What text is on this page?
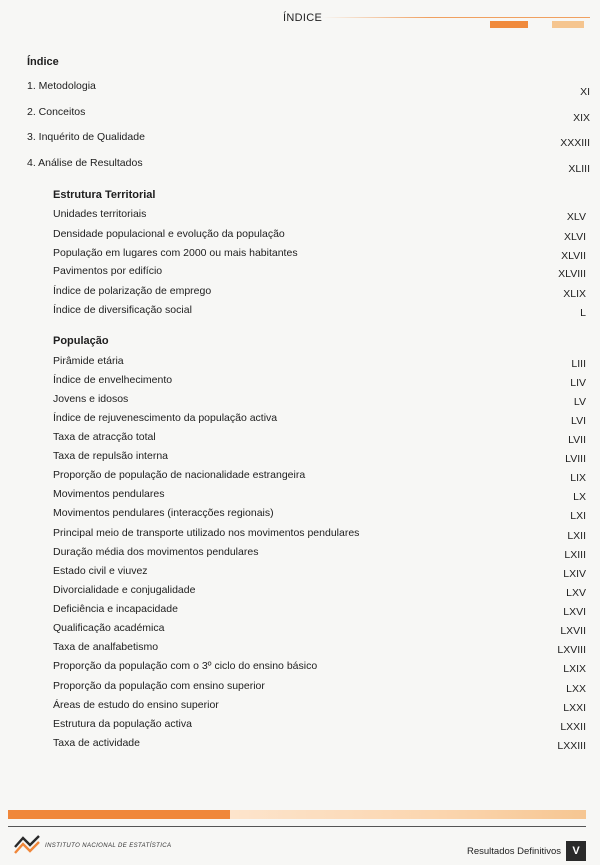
ÍNDICE
Índice
1. Metodologia	XI
2. Conceitos	XIX
3. Inquérito de Qualidade	XXXIII
4. Análise de Resultados	XLIII
Estrutura Territorial
Unidades territoriais	XLV
Densidade populacional e evolução da população	XLVI
População em lugares com 2000 ou mais habitantes	XLVII
Pavimentos por edifício	XLVIII
Índice de polarização de emprego	XLIX
Índice de diversificação social	L
População
Pirâmide etária	LIII
Índice de envelhecimento	LIV
Jovens e idosos	LV
Índice de rejuvenescimento da população activa	LVI
Taxa de atracção total	LVII
Taxa de repulsão interna	LVIII
Proporção de população de nacionalidade estrangeira	LIX
Movimentos pendulares	LX
Movimentos pendulares (interacções regionais)	LXI
Principal meio de transporte utilizado nos movimentos pendulares	LXII
Duração média dos movimentos pendulares	LXIII
Estado civil e viuvez	LXIV
Divorcialidade e conjugalidade	LXV
Deficiência e incapacidade	LXVI
Qualificação académica	LXVII
Taxa de analfabetismo	LXVIII
Proporção da população com o 3º ciclo do ensino básico	LXIX
Proporção da população com ensino superior	LXX
Áreas de estudo do ensino superior	LXXI
Estrutura da população activa	LXXII
Taxa de actividade	LXXIII
INSTITUTO NACIONAL DE ESTATÍSTICA	Resultados Definitivos	V
